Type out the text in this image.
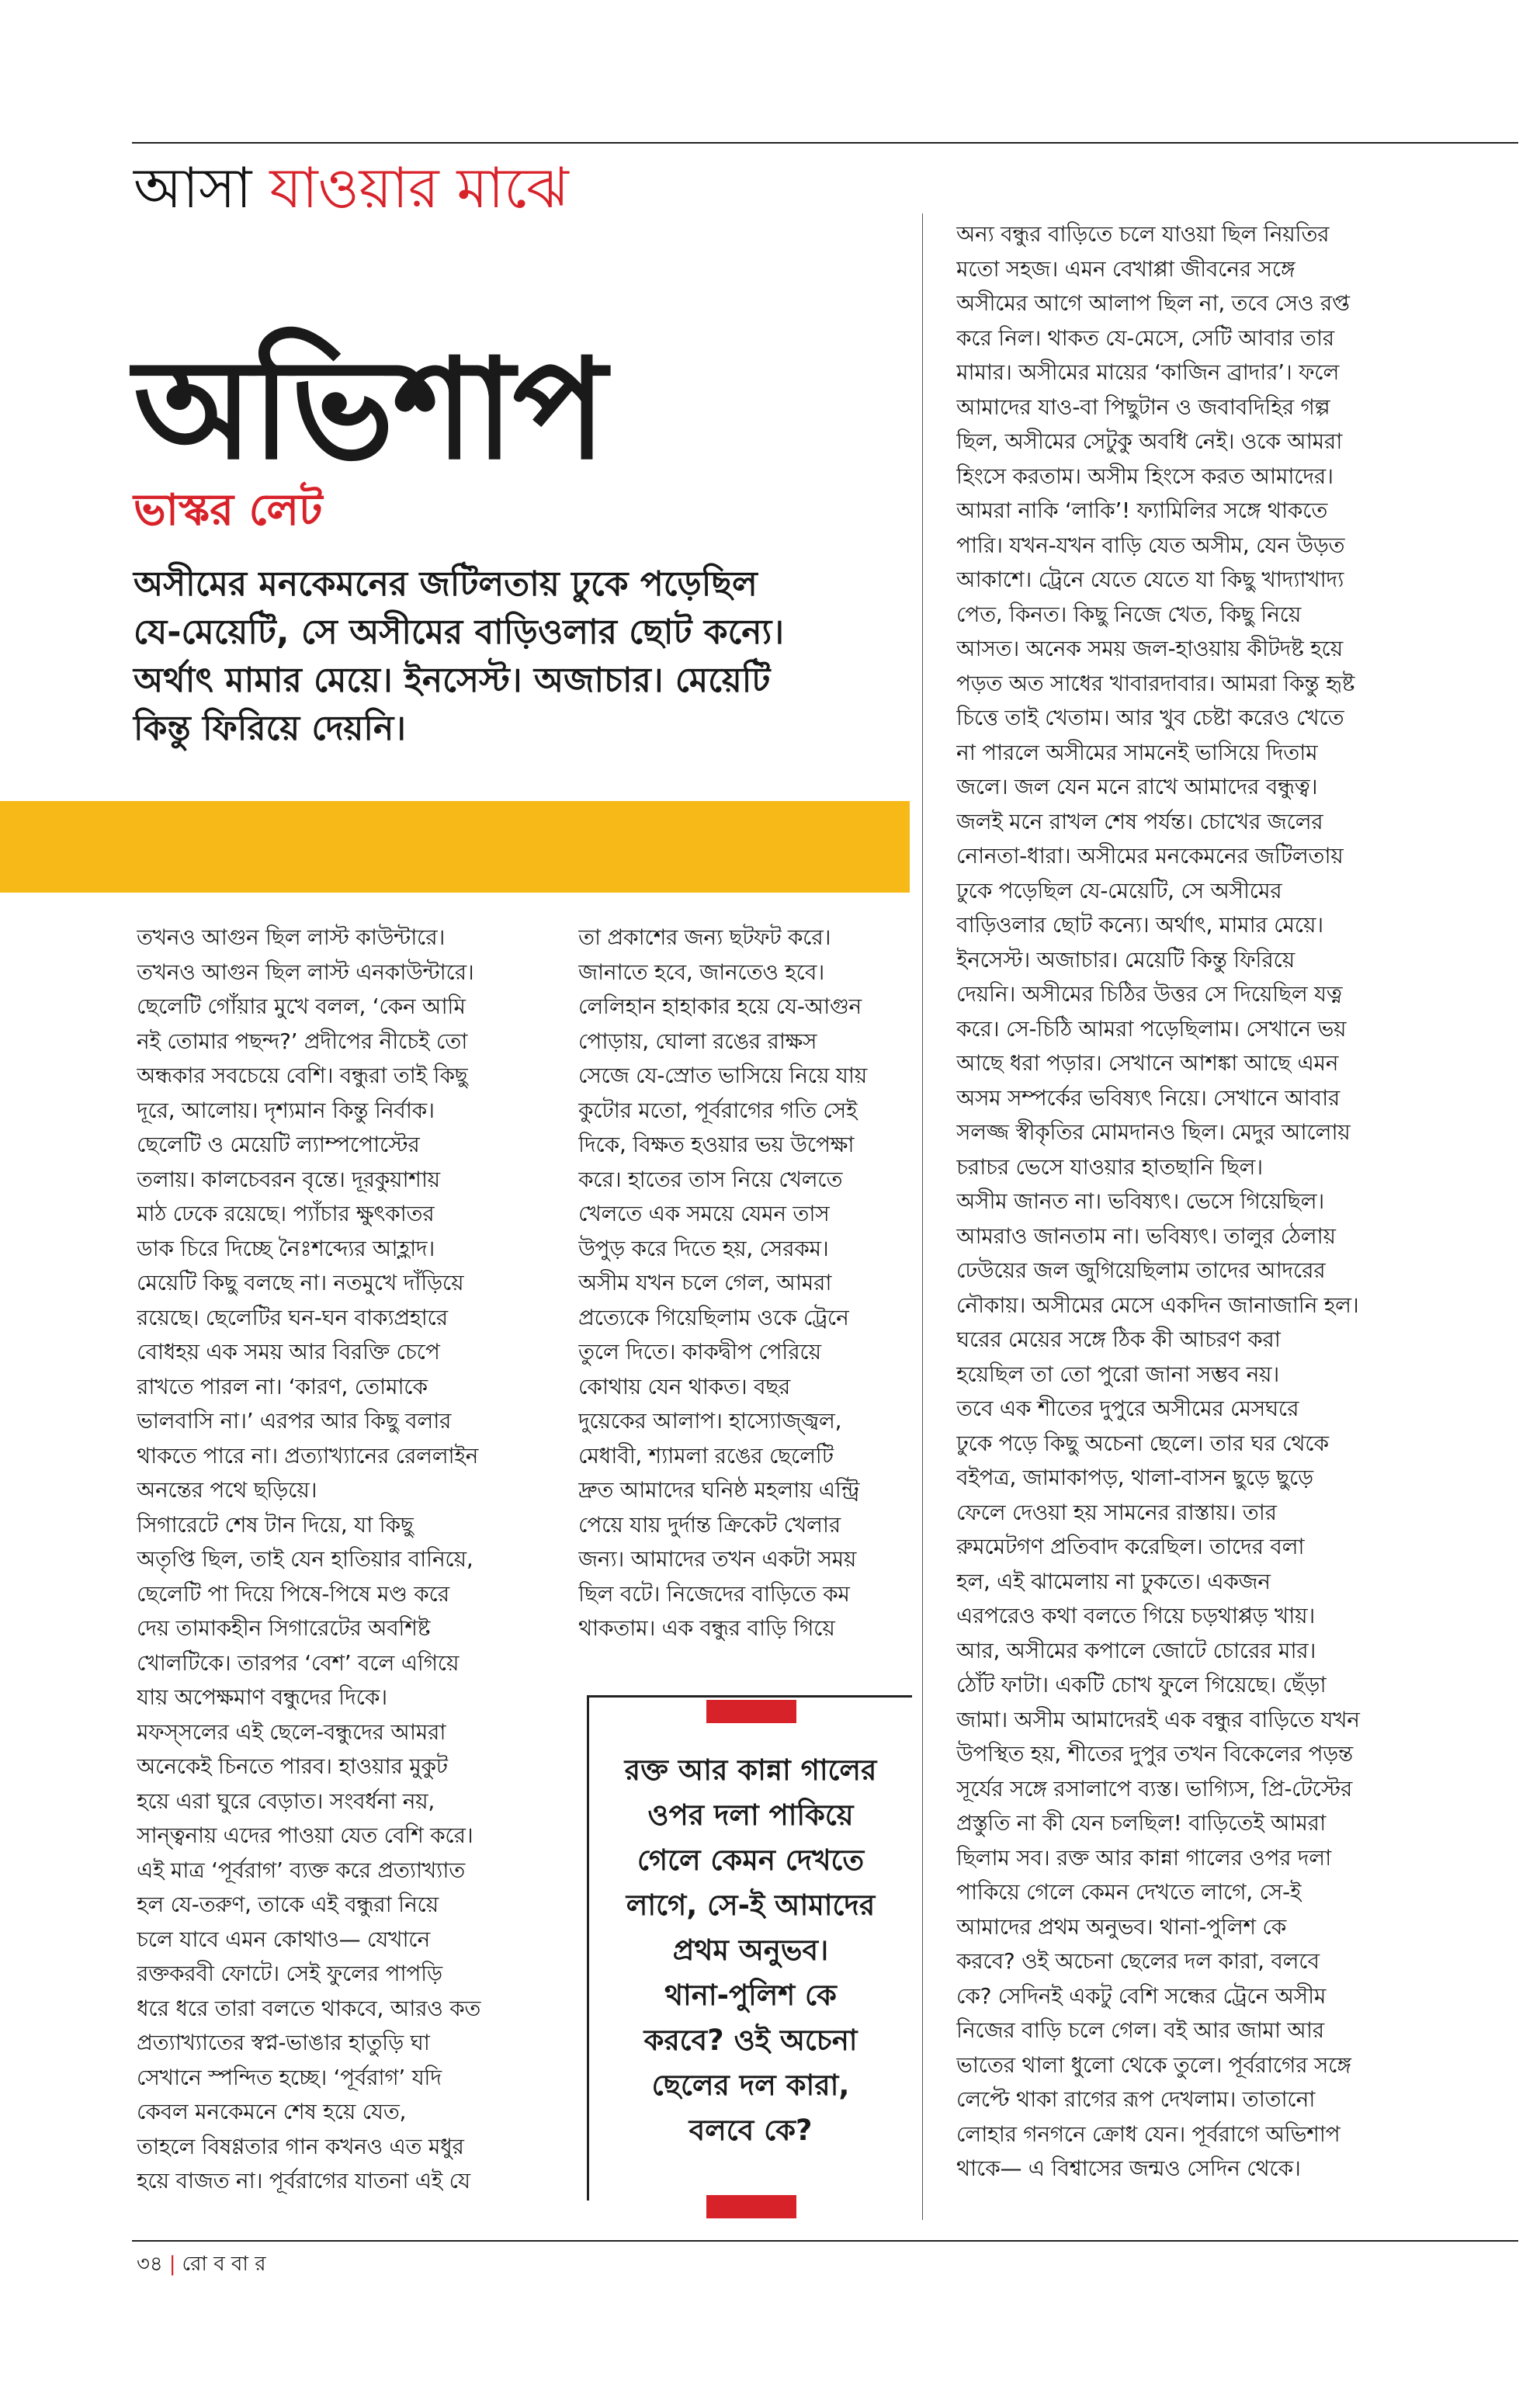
আসা যাওয়ার মাঝে
অভিশাপ
ভাস্কর লেট
অসীমের মনকেমনের জটিলতায় ঢুকে পড়েছিল
যে-মেয়েটি, সে অসীমের বাড়িওলার ছোট কন্যে।
অর্থাৎ মামার মেয়ে। ইনসেস্ট। অজাচার। মেয়েটি
কিন্তু ফিরিয়ে দেয়নি।
তখনও আগুন ছিল লাস্ট কাউন্টারে।
তখনও আগুন ছিল লাস্ট এনকাউন্টারে।
ছেলেটি গোঁয়ার মুখে বলল, ‘কেন আমি
নই তোমার পছন্দ?’ প্রদীপের নীচেই তো
অন্ধকার সবচেয়ে বেশি। বন্ধুরা তাই কিছু
দূরে, আলোয়। দৃশ্যমান কিন্তু নির্বাক।
ছেলেটি ও মেয়েটি ল্যাম্পপোস্টের
তলায়। কালচেবরন বৃন্তে। দূরকুয়াশায়
মাঠ ঢেকে রয়েছে। প্যাঁচার ক্ষুৎকাতর
ডাক চিরে দিচ্ছে নৈঃশব্দ্যের আহ্লাদ।
মেয়েটি কিছু বলছে না। নতমুখে দাঁড়িয়ে
রয়েছে। ছেলেটির ঘন-ঘন বাক্যপ্রহারে
বোধহয় এক সময় আর বিরক্তি চেপে
রাখতে পারল না। ‘কারণ, তোমাকে
ভালবাসি না।’ এরপর আর কিছু বলার
থাকতে পারে না। প্রত্যাখ্যানের রেললাইন
অনন্তের পথে ছড়িয়ে।
সিগারেটে শেষ টান দিয়ে, যা কিছু
অতৃপ্তি ছিল, তাই যেন হাতিয়ার বানিয়ে,
ছেলেটি পা দিয়ে পিষে-পিষে মণ্ড করে
দেয় তামাকহীন সিগারেটের অবশিষ্ট
খোলটিকে। তারপর ‘বেশ’ বলে এগিয়ে
যায় অপেক্ষমাণ বন্ধুদের দিকে।
মফস্‌সলের এই ছেলে-বন্ধুদের আমরা
অনেকেই চিনতে পারব। হাওয়ার মুকুট
হয়ে এরা ঘুরে বেড়াত। সংবর্ধনা নয়,
সান্ত্বনায় এদের পাওয়া যেত বেশি করে।
এই মাত্র ‘পূর্বরাগ’ ব্যক্ত করে প্রত্যাখ্যাত
হল যে-তরুণ, তাকে এই বন্ধুরা নিয়ে
চলে যাবে এমন কোথাও— যেখানে
রক্তকরবী ফোটে। সেই ফুলের পাপড়ি
ধরে ধরে তারা বলতে থাকবে, আরও কত
প্রত্যাখ্যাতের স্বপ্ন-ভাঙার হাতুড়ি ঘা
সেখানে স্পন্দিত হচ্ছে। ‘পূর্বরাগ’ যদি
কেবল মনকেমনে শেষ হয়ে যেত,
তাহলে বিষণ্ণতার গান কখনও এত মধুর
হয়ে বাজত না। পূর্বরাগের যাতনা এই যে
তা প্রকাশের জন্য ছটফট করে।
জানাতে হবে, জানতেও হবে।
লেলিহান হাহাকার হয়ে যে-আগুন
পোড়ায়, ঘোলা রঙের রাক্ষস
সেজে যে-স্রোত ভাসিয়ে নিয়ে যায়
কুটোর মতো, পূর্বরাগের গতি সেই
দিকে, বিক্ষত হওয়ার ভয় উপেক্ষা
করে। হাতের তাস নিয়ে খেলতে
খেলতে এক সময়ে যেমন তাস
উপুড় করে দিতে হয়, সেরকম।
অসীম যখন চলে গেল, আমরা
প্রত্যেকে গিয়েছিলাম ওকে ট্রেনে
তুলে দিতে। কাকদ্বীপ পেরিয়ে
কোথায় যেন থাকত। বছর
দুয়েকের আলাপ। হাস্যোজ্জ্বল,
মেধাবী, শ্যামলা রঙের ছেলেটি
দ্রুত আমাদের ঘনিষ্ঠ মহলায় এন্ট্রি
পেয়ে যায় দুর্দান্ত ক্রিকেট খেলার
জন্য। আমাদের তখন একটা সময়
ছিল বটে। নিজেদের বাড়িতে কম
থাকতাম। এক বন্ধুর বাড়ি গিয়ে
অন্য বন্ধুর বাড়িতে চলে যাওয়া ছিল নিয়তির
মতো সহজ। এমন বেখাপ্পা জীবনের সঙ্গে
অসীমের আগে আলাপ ছিল না, তবে সেও রপ্ত
করে নিল। থাকত যে-মেসে, সেটি আবার তার
মামার। অসীমের মায়ের ‘কাজিন ব্রাদার’। ফলে
আমাদের যাও-বা পিছুটান ও জবাবদিহির গল্প
ছিল, অসীমের সেটুকু অবধি নেই। ওকে আমরা
হিংসে করতাম। অসীম হিংসে করত আমাদের।
আমরা নাকি ‘লাকি’! ফ্যামিলির সঙ্গে থাকতে
পারি। যখন-যখন বাড়ি যেত অসীম, যেন উড়ত
আকাশে। ট্রেনে যেতে যেতে যা কিছু খাদ্যাখাদ্য
পেত, কিনত। কিছু নিজে খেত, কিছু নিয়ে
আসত। অনেক সময় জল-হাওয়ায় কীটদষ্ট হয়ে
পড়ত অত সাধের খাবারদাবার। আমরা কিন্তু হৃষ্ট
চিত্তে তাই খেতাম। আর খুব চেষ্টা করেও খেতে
না পারলে অসীমের সামনেই ভাসিয়ে দিতাম
জলে। জল যেন মনে রাখে আমাদের বন্ধুত্ব।
জলই মনে রাখল শেষ পর্যন্ত। চোখের জলের
নোনতা-ধারা। অসীমের মনকেমনের জটিলতায়
ঢুকে পড়েছিল যে-মেয়েটি, সে অসীমের
বাড়িওলার ছোট কন্যে। অর্থাৎ, মামার মেয়ে।
ইনসেস্ট। অজাচার। মেয়েটি কিন্তু ফিরিয়ে
দেয়নি। অসীমের চিঠির উত্তর সে দিয়েছিল যত্ন
করে। সে-চিঠি আমরা পড়েছিলাম। সেখানে ভয়
আছে ধরা পড়ার। সেখানে আশঙ্কা আছে এমন
অসম সম্পর্কের ভবিষ্যৎ নিয়ে। সেখানে আবার
সলজ্জ স্বীকৃতির মোমদানও ছিল। মেদুর আলোয়
চরাচর ভেসে যাওয়ার হাতছানি ছিল।
অসীম জানত না। ভবিষ্যৎ। ভেসে গিয়েছিল।
আমরাও জানতাম না। ভবিষ্যৎ। তালুর ঠেলায়
ঢেউয়ের জল জুগিয়েছিলাম তাদের আদরের
নৌকায়। অসীমের মেসে একদিন জানাজানি হল।
ঘরের মেয়ের সঙ্গে ঠিক কী আচরণ করা
হয়েছিল তা তো পুরো জানা সম্ভব নয়।
তবে এক শীতের দুপুরে অসীমের মেসঘরে
ঢুকে পড়ে কিছু অচেনা ছেলে। তার ঘর থেকে
বইপত্র, জামাকাপড়, থালা-বাসন ছুড়ে ছুড়ে
ফেলে দেওয়া হয় সামনের রাস্তায়। তার
রুমমেটগণ প্রতিবাদ করেছিল। তাদের বলা
হল, এই ঝামেলায় না ঢুকতে। একজন
এরপরেও কথা বলতে গিয়ে চড়থাপ্পড় খায়।
আর, অসীমের কপালে জোটে চোরের মার।
ঠোঁট ফাটা। একটি চোখ ফুলে গিয়েছে। ছেঁড়া
জামা। অসীম আমাদেরই এক বন্ধুর বাড়িতে যখন
উপস্থিত হয়, শীতের দুপুর তখন বিকেলের পড়ন্ত
সূর্যের সঙ্গে রসালাপে ব্যস্ত। ভাগ্যিস, প্রি-টেস্টের
প্রস্তুতি না কী যেন চলছিল! বাড়িতেই আমরা
ছিলাম সব। রক্ত আর কান্না গালের ওপর দলা
পাকিয়ে গেলে কেমন দেখতে লাগে, সে-ই
আমাদের প্রথম অনুভব। থানা-পুলিশ কে
করবে? ওই অচেনা ছেলের দল কারা, বলবে
কে? সেদিনই একটু বেশি সন্ধের ট্রেনে অসীম
নিজের বাড়ি চলে গেল। বই আর জামা আর
ভাতের থালা ধুলো থেকে তুলে। পূর্বরাগের সঙ্গে
লেপ্টে থাকা রাগের রূপ দেখলাম। তাতানো
লোহার গনগনে ক্রোধ যেন। পূর্বরাগে অভিশাপ
থাকে— এ বিশ্বাসের জন্মও সেদিন থেকে।
রক্ত আর কান্না গালের
ওপর দলা পাকিয়ে
গেলে কেমন দেখতে
লাগে, সে-ই আমাদের
প্রথম অনুভব।
থানা-পুলিশ কে
করবে? ওই অচেনা
ছেলের দল কারা,
বলবে কে?
৩৪ | রো ব বা র
